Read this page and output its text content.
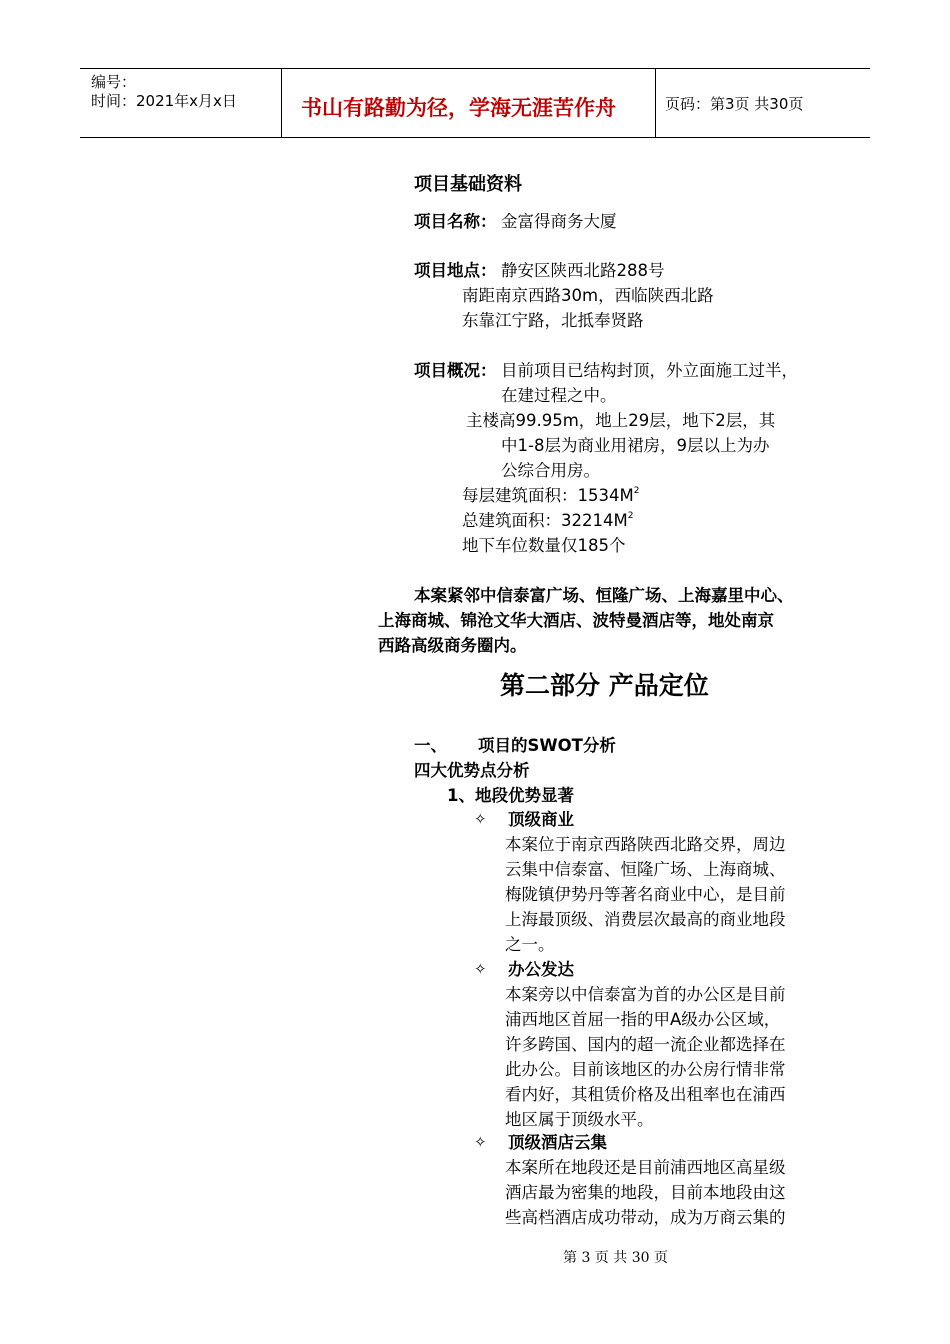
编号：
时间：2021年x月x日	页码：第3页 共30页
书山有路勤为径，学海无涯苦作舟
项目基础资料
项目名称： 金富得商务大厦
项目地点： 静安区陕西北路288号
南距南京西路30m，西临陕西北路
东靠江宁路，北抵奉贤路
项目概况： 目前项目已结构封顶，外立面施工过半，
在建过程之中。
主楼高99.95m，地上29层，地下2层，其
中1-8层为商业用裙房，9层以上为办
公综合用房。
每层建筑面积：$1534M^2$
总建筑面积：$32214M^2$
地下车位数量仅185个
本案紧邻中信泰富广场、恒隆广场、上海嘉里中心、
上海商城、锦沧文华大酒店、波特曼酒店等，地处南京
西路高级商务圈内。
第二部分 产品定位
一、 项目的SWOT分析
四大优势点分析
1、地段优势显著
✧ 顶级商业
本案位于南京西路陕西北路交界，周边
云集中信泰富、恒隆广场、上海商城、
梅陇镇伊势丹等著名商业中心，是目前
上海最顶级、消费层次最高的商业地段
之一。
✧ 办公发达
本案旁以中信泰富为首的办公区是目前
浦西地区首屈一指的甲A级办公区域，
许多跨国、国内的超一流企业都选择在
此办公。目前该地区的办公房行情非常
看内好，其租赁价格及出租率也在浦西
地区属于顶级水平。
✧ 顶级酒店云集
本案所在地段还是目前浦西地区高星级
酒店最为密集的地段，目前本地段由这
些高档酒店成功带动，成为万商云集的
第 3 页 共 30 页
